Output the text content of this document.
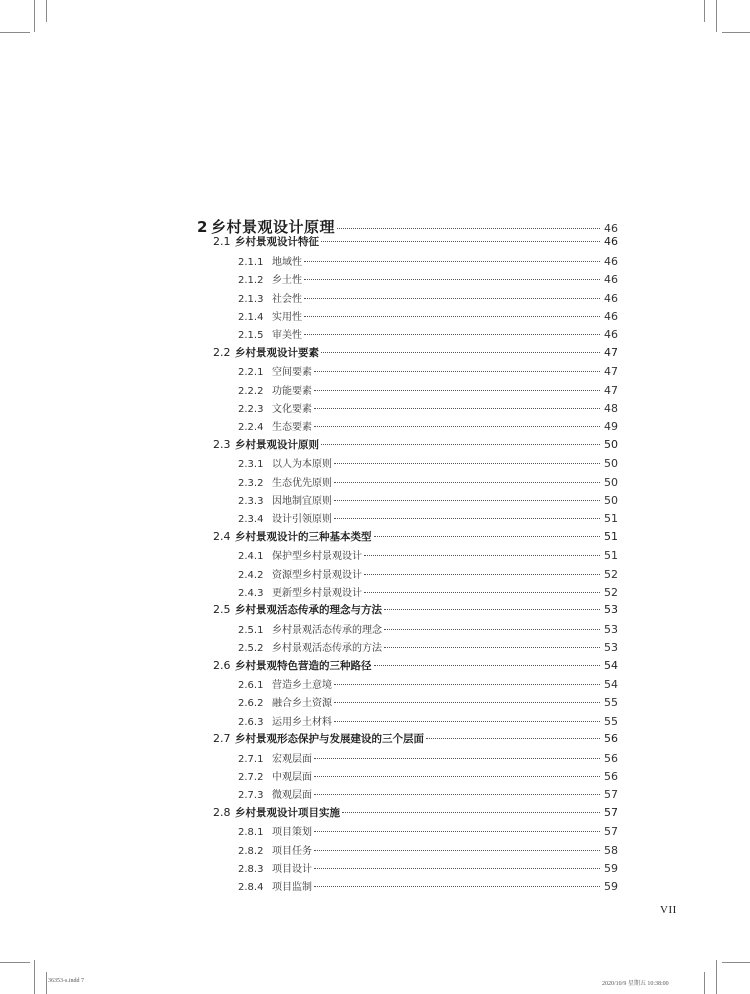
2 乡村景观设计原理	46
2.1 乡村景观设计特征	46
2.1.1 地域性	46
2.1.2 乡土性	46
2.1.3 社会性	46
2.1.4 实用性	46
2.1.5 审美性	46
2.2 乡村景观设计要素	47
2.2.1 空间要素	47
2.2.2 功能要素	47
2.2.3 文化要素	48
2.2.4 生态要素	49
2.3 乡村景观设计原则	50
2.3.1 以人为本原则	50
2.3.2 生态优先原则	50
2.3.3 因地制宜原则	50
2.3.4 设计引领原则	51
2.4 乡村景观设计的三种基本类型	51
2.4.1 保护型乡村景观设计	51
2.4.2 资源型乡村景观设计	52
2.4.3 更新型乡村景观设计	52
2.5 乡村景观活态传承的理念与方法	53
2.5.1 乡村景观活态传承的理念	53
2.5.2 乡村景观活态传承的方法	53
2.6 乡村景观特色营造的三种路径	54
2.6.1 营造乡土意境	54
2.6.2 融合乡土资源	55
2.6.3 运用乡土材料	55
2.7 乡村景观形态保护与发展建设的三个层面	56
2.7.1 宏观层面	56
2.7.2 中观层面	56
2.7.3 微观层面	57
2.8 乡村景观设计项目实施	57
2.8.1 项目策划	57
2.8.2 项目任务	58
2.8.3 项目设计	59
2.8.4 项目监制	59
VII
36353-s.indd 7	2020/10/9 星期五 10:38:00
